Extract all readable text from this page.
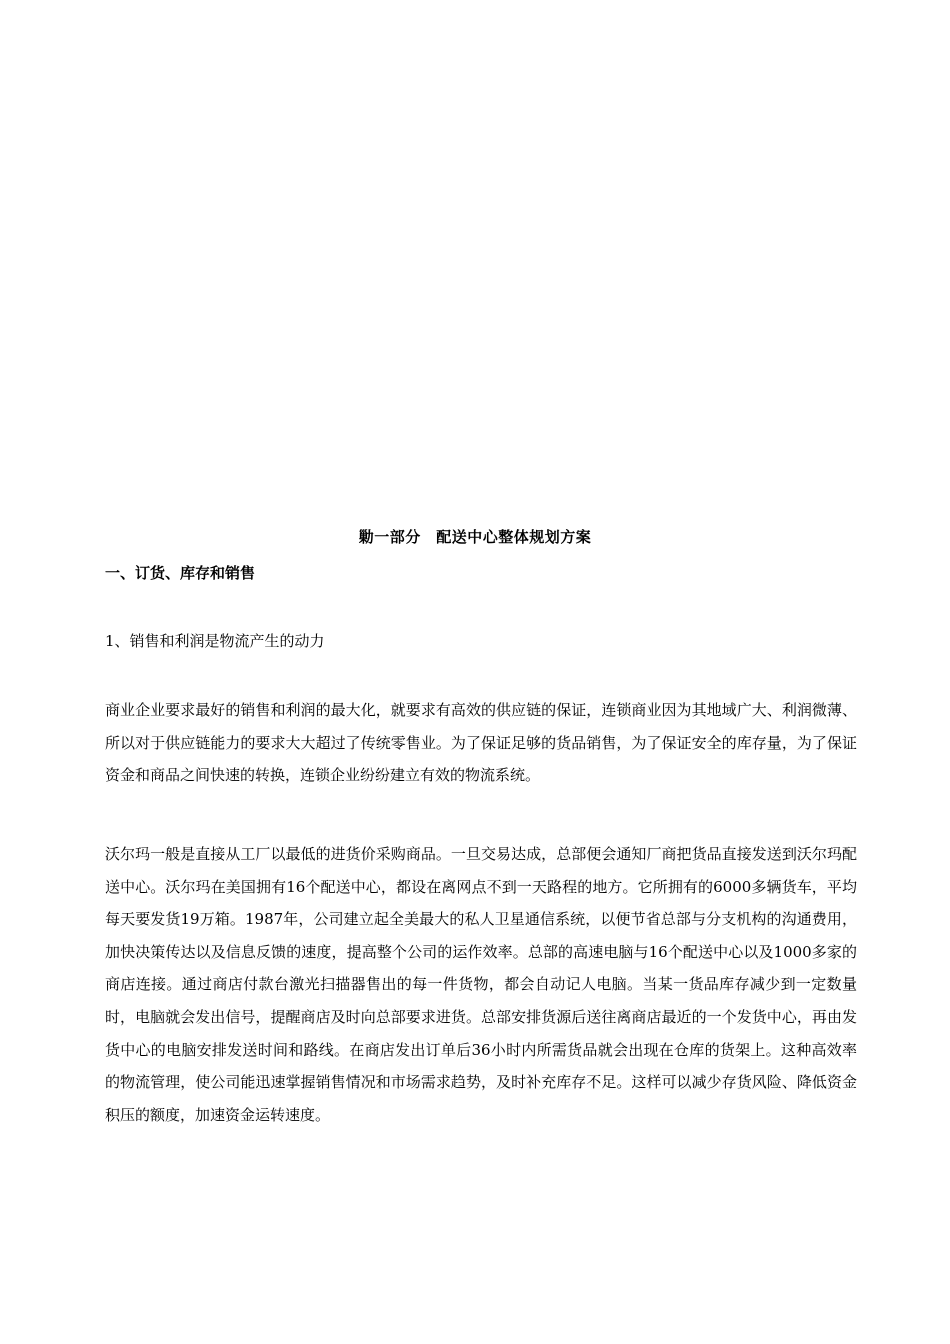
勦一部分　配送中心整体规划方案
一、订货、库存和销售
1、销售和利润是物流产生的动力

商业企业要求最好的销售和利润的最大化，就要求有高效的供应链的保证，连锁商业因为其地域广大、利润微薄、所以对于供应链能力的要求大大超过了传统零售业。为了保证足够的货品销售，为了保证安全的库存量，为了保证资金和商品之间快速的转换，连锁企业纷纷建立有效的物流系统。

沃尔玛一般是直接从工厂以最低的进货价采购商品。一旦交易达成，总部便会通知厂商把货品直接发送到沃尔玛配送中心。沃尔玛在美国拥有16个配送中心，都设在离网点不到一天路程的地方。它所拥有的6000多辆货车，平均每天要发货19万箱。1987年，公司建立起全美最大的私人卫星通信系统，以便节省总部与分支机构的沟通费用，加快决策传达以及信息反馈的速度，提高整个公司的运作效率。总部的高速电脑与16个配送中心以及1000多家的商店连接。通过商店付款台激光扫描器售出的每一件货物，都会自动记人电脑。当某一货品库存减少到一定数量时，电脑就会发出信号，提醒商店及时向总部要求进货。总部安排货源后送往离商店最近的一个发货中心，再由发货中心的电脑安排发送时间和路线。在商店发出订单后36小时内所需货品就会出现在仓库的货架上。这种高效率的物流管理，使公司能迅速掌握销售情况和市场需求趋势，及时补充库存不足。这样可以减少存货风险、降低资金积压的额度，加速资金运转速度。
